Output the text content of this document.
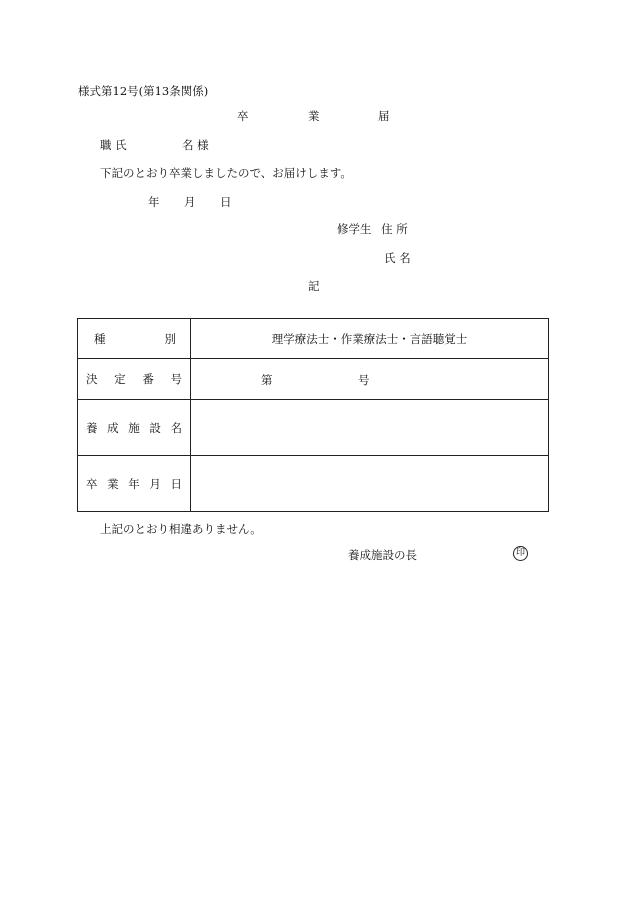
様式第12号(第13条関係)
卒	業	届
職 氏	名 様
下記のとおり卒業しましたので、お届けします。
年 月 日
修学生 住 所
氏 名
記
種 別	理学療法士・作業療法士・言語聴覚士

決 定 番 号	第 号

養 成 施 設 名	

卒 業 年 月 日	

上記のとおり相違ありません。
養成施設の長	印
